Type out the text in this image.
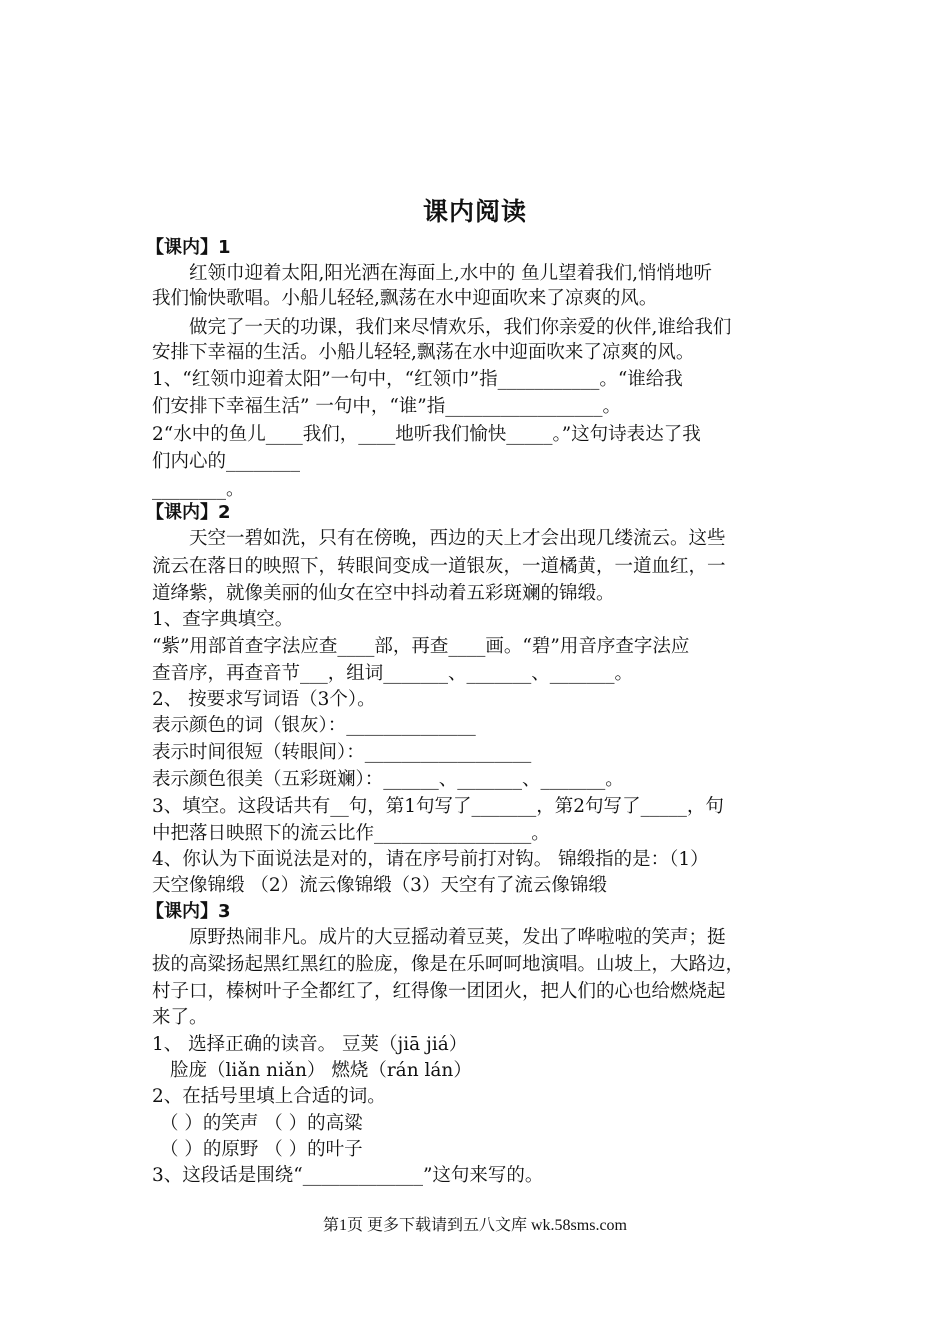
课内阅读
【课内】1
红领巾迎着太阳,阳光洒在海面上,水中的 鱼儿望着我们,悄悄地听
我们愉快歌唱。小船儿轻轻,飘荡在水中迎面吹来了凉爽的风。
做完了一天的功课，我们来尽情欢乐，我们你亲爱的伙伴,谁给我们
安排下幸福的生活。小船儿轻轻,飘荡在水中迎面吹来了凉爽的风。
1、“红领巾迎着太阳”一句中，“红领巾”指___________。“谁给我
们安排下幸福生活” 一句中，“谁”指_________________。
2“水中的鱼儿____我们，____地听我们愉快_____。”这句诗表达了我
们内心的________
________。
【课内】2
天空一碧如洗，只有在傍晚，西边的天上才会出现几缕流云。这些
流云在落日的映照下，转眼间变成一道银灰，一道橘黄，一道血红，一
道绛紫，就像美丽的仙女在空中抖动着五彩斑斓的锦缎。
1、查字典填空。
“紫”用部首查字法应查____部，再查____画。“碧”用音序查字法应
查音序，再查音节___，组词_______、_______、_______。
2、 按要求写词语（3个）。
表示颜色的词（银灰）：______________
表示时间很短（转眼间）：__________________
表示颜色很美（五彩斑斓）：______、_______、_______。
3、填空。这段话共有__句，第1句写了_______，第2句写了_____，句
中把落日映照下的流云比作_________________。
4、你认为下面说法是对的，请在序号前打对钩。 锦缎指的是：（1）
天空像锦缎 （2）流云像锦缎（3）天空有了流云像锦缎
【课内】3
原野热闹非凡。成片的大豆摇动着豆荚，发出了哗啦啦的笑声；挺
拔的高粱扬起黑红黑红的脸庞，像是在乐呵呵地演唱。山坡上，大路边，
村子口，榛树叶子全都红了，红得像一团团火，把人们的心也给燃烧起
来了。
1、 选择正确的读音。 豆荚（jiā jiá）
脸庞（liǎn niǎn） 燃烧（rán lán）
2、在括号里填上合适的词。
（ ）的笑声 （ ）的高粱
（ ）的原野 （ ）的叶子
3、这段话是围绕“_____________”这句来写的。
第1页 更多下载请到五八文库 wk.58sms.com
